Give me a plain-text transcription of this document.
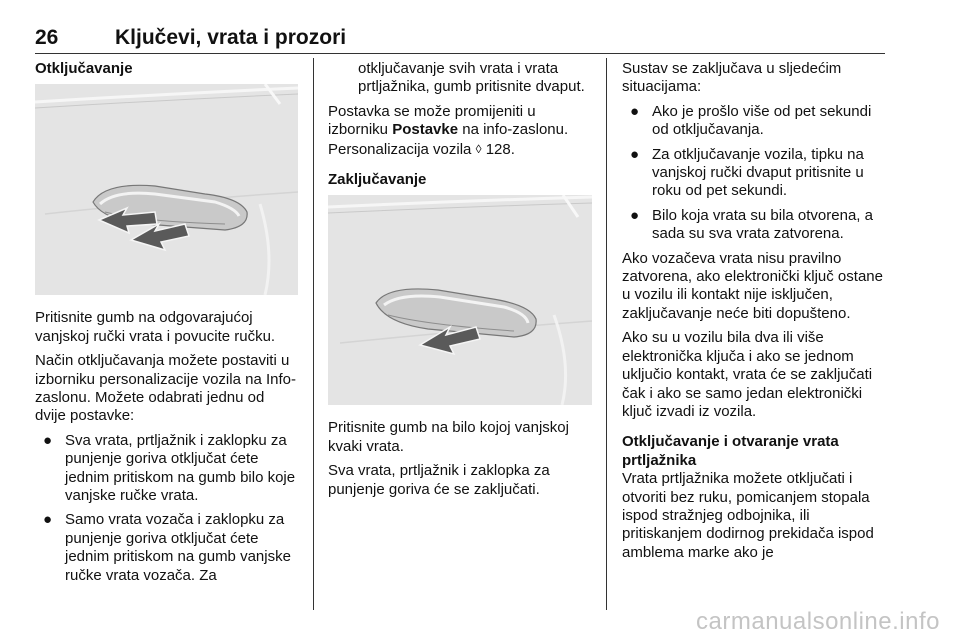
26	Ključevi, vrata i prozori
Otključavanje

Pritisnite gumb na odgovarajućoj vanjskoj ručki vrata i povucite ručku.

Način otključavanja možete postaviti u izborniku personalizacije vozila na Info-zaslonu. Možete odabrati jednu od dvije postavke:

● Sva vrata, prtljažnik i zaklopku za punjenje goriva otključat ćete jednim pritiskom na gumb bilo koje vanjske ručke vrata.
● Samo vrata vozača i zaklopku za punjenje goriva otključat ćete jednim pritiskom na gumb vanjske ručke vrata vozača. Za

otključavanje svih vrata i vrata prtljažnika, gumb pritisnite dvaput.

Postavka se može promijeniti u izborniku Postavke na info-zaslonu. Personalizacija vozila ◊ 128.

Zaključavanje

Pritisnite gumb na bilo kojoj vanjskoj kvaki vrata.

Sva vrata, prtljažnik i zaklopka za punjenje goriva će se zaključati.

Sustav se zaključava u sljedećim situacijama:

● Ako je prošlo više od pet sekundi od otključavanja.
● Za otključavanje vozila, tipku na vanjskoj ručki dvaput pritisnite u roku od pet sekundi.
● Bilo koja vrata su bila otvorena, a sada su sva vrata zatvorena.

Ako vozačeva vrata nisu pravilno zatvorena, ako elektronički ključ ostane u vozilu ili kontakt nije isključen, zaključavanje neće biti dopušteno.

Ako su u vozilu bila dva ili više elektronička ključa i ako se jednom uključio kontakt, vrata će se zaključati čak i ako se samo jedan elektronički ključ izvadi iz vozila.

Otključavanje i otvaranje vrata prtljažnika

Vrata prtljažnika možete otključati i otvoriti bez ruku, pomicanjem stopala ispod stražnjeg odbojnika, ili pritiskanjem dodirnog prekidača ispod amblema marke ako je

carmanualsonline.info
